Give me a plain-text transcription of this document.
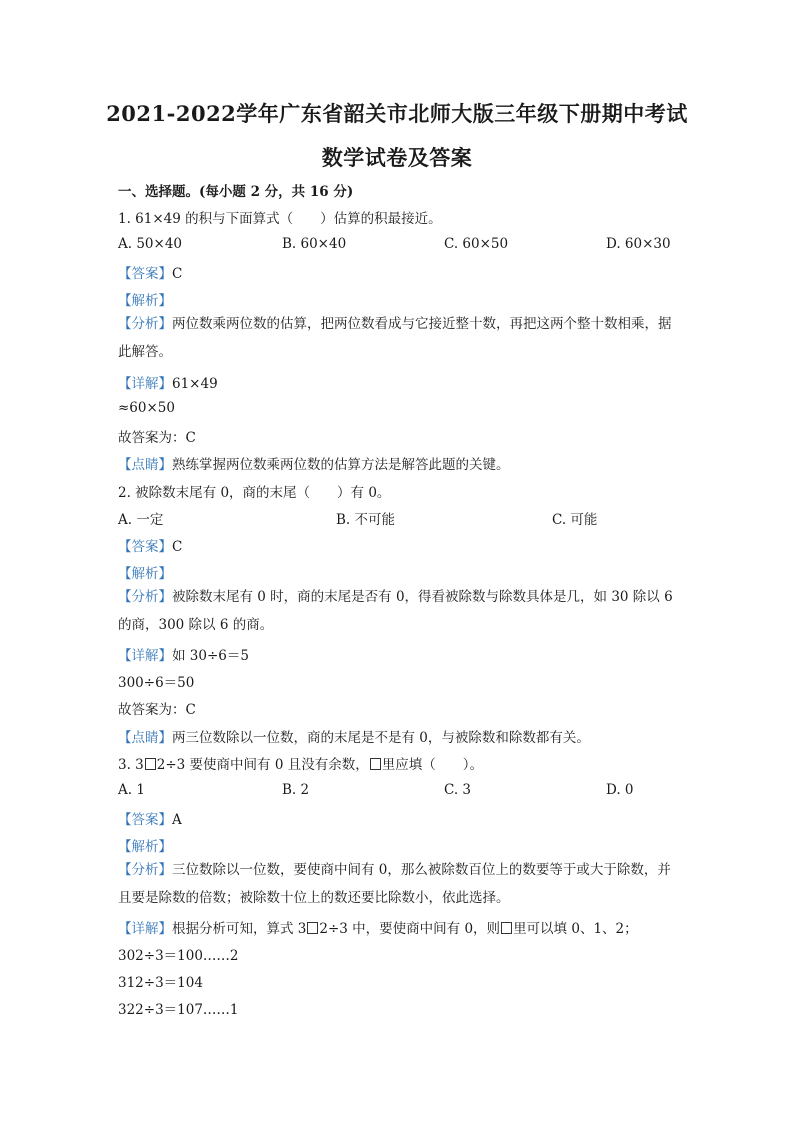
2021-2022学年广东省韶关市北师大版三年级下册期中考试
数学试卷及答案
一、选择题。(每小题 2 分，共 16 分)
1. 61×49 的积与下面算式（　　）估算的积最接近。
A. 50×40	B. 60×40	C. 60×50	D. 60×30
【答案】C
【解析】
【分析】两位数乘两位数的估算，把两位数看成与它接近整十数，再把这两个整十数相乘，据此解答。
【详解】61×49
≈60×50
故答案为：C
【点睛】熟练掌握两位数乘两位数的估算方法是解答此题的关键。
2. 被除数末尾有 0，商的末尾（　　）有 0。
A. 一定	B. 不可能	C. 可能
【答案】C
【解析】
【分析】被除数末尾有 0 时，商的末尾是否有 0，得看被除数与除数具体是几，如 30 除以 6 的商，300 除以 6 的商。
【详解】如 30÷6＝5
300÷6＝50
故答案为：C
【点睛】两三位数除以一位数，商的末尾是不是有 0，与被除数和除数都有关。
3. 3 2÷3 要使商中间有 0 且没有余数， 里应填（　　）。
A. 1	B. 2	C. 3	D. 0
【答案】A
【解析】
【分析】三位数除以一位数，要使商中间有 0，那么被除数百位上的数要等于或大于除数，并且要是除数的倍数；被除数十位上的数还要比除数小，依此选择。
【详解】根据分析可知，算式 3 2÷3 中，要使商中间有 0，则 里可以填 0、1、2；
302÷3＝100……2
312÷3＝104
322÷3＝107……1
